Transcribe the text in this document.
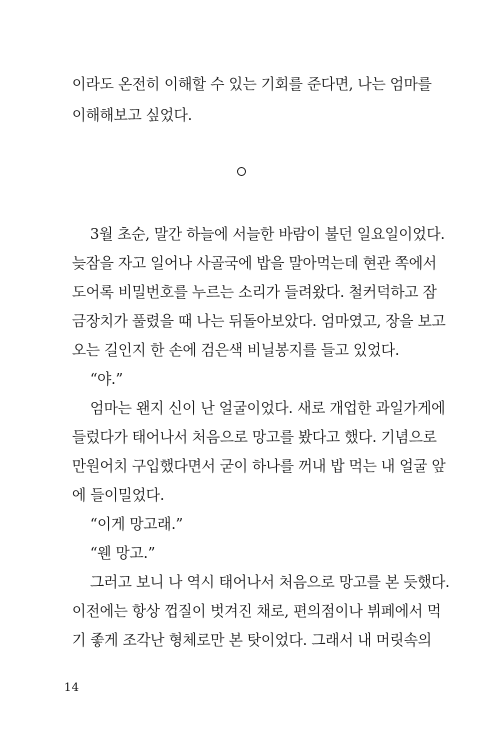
이라도 온전히 이해할 수 있는 기회를 준다면, 나는 엄마를
이해해보고 싶었다.
3월 초순, 말간 하늘에 서늘한 바람이 불던 일요일이었다.
늦잠을 자고 일어나 사골국에 밥을 말아먹는데 현관 쪽에서
도어록 비밀번호를 누르는 소리가 들려왔다. 철커덕하고 잠
금장치가 풀렸을 때 나는 뒤돌아보았다. 엄마였고, 장을 보고
오는 길인지 한 손에 검은색 비닐봉지를 들고 있었다.
“야.”
엄마는 왠지 신이 난 얼굴이었다. 새로 개업한 과일가게에
들렀다가 태어나서 처음으로 망고를 봤다고 했다. 기념으로
만원어치 구입했다면서 굳이 하나를 꺼내 밥 먹는 내 얼굴 앞
에 들이밀었다.
“이게 망고래.”
“웬 망고.”
그러고 보니 나 역시 태어나서 처음으로 망고를 본 듯했다.
이전에는 항상 껍질이 벗겨진 채로, 편의점이나 뷔페에서 먹
기 좋게 조각난 형체로만 본 탓이었다. 그래서 내 머릿속의
14
